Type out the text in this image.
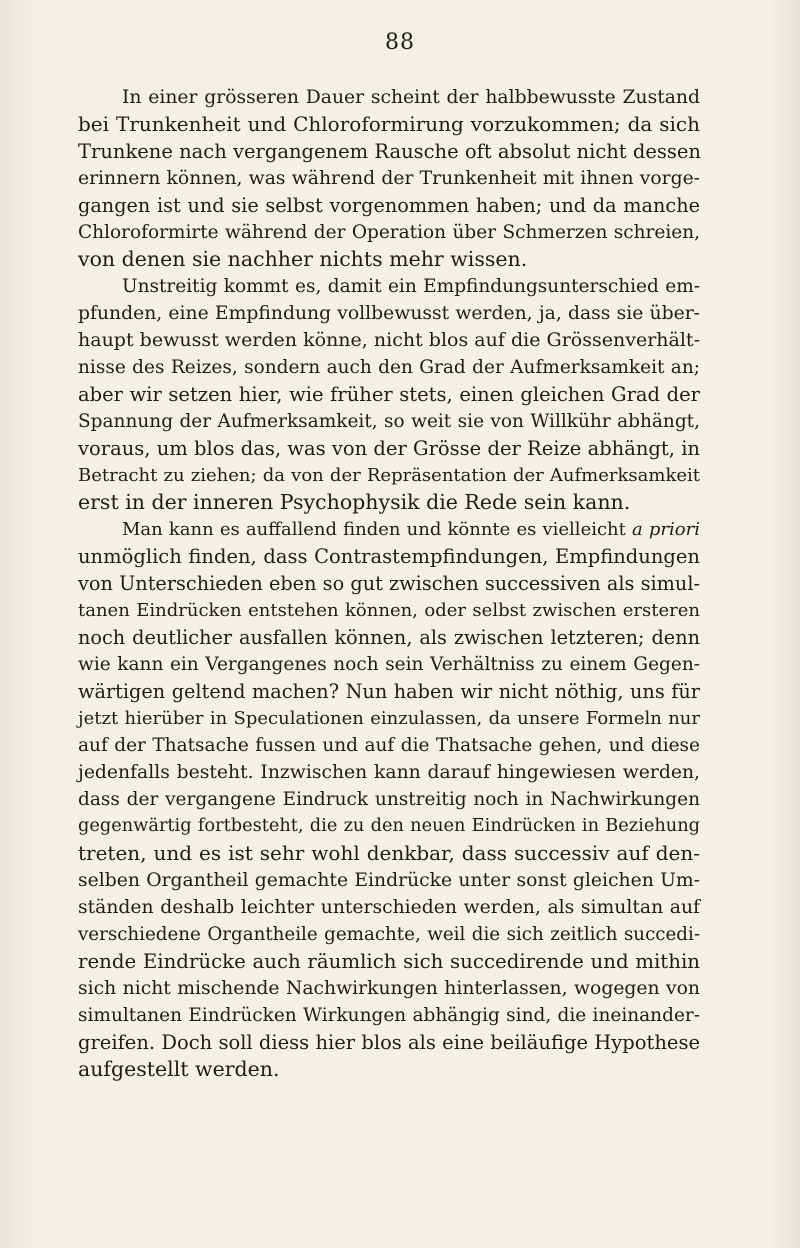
88
In einer grösseren Dauer scheint der halbbewusste Zustand
bei Trunkenheit und Chloroformirung vorzukommen; da sich
Trunkene nach vergangenem Rausche oft absolut nicht dessen
erinnern können, was während der Trunkenheit mit ihnen vorge-
gangen ist und sie selbst vorgenommen haben; und da manche
Chloroformirte während der Operation über Schmerzen schreien,
von denen sie nachher nichts mehr wissen.
Unstreitig kommt es, damit ein Empfindungsunterschied em-
pfunden, eine Empfindung vollbewusst werden, ja, dass sie über-
haupt bewusst werden könne, nicht blos auf die Grössenverhält-
nisse des Reizes, sondern auch den Grad der Aufmerksamkeit an;
aber wir setzen hier, wie früher stets, einen gleichen Grad der
Spannung der Aufmerksamkeit, so weit sie von Willkühr abhängt,
voraus, um blos das, was von der Grösse der Reize abhängt, in
Betracht zu ziehen; da von der Repräsentation der Aufmerksamkeit
erst in der inneren Psychophysik die Rede sein kann.
Man kann es auffallend finden und könnte es vielleicht a priori
unmöglich finden, dass Contrastempfindungen, Empfindungen
von Unterschieden eben so gut zwischen successiven als simul-
tanen Eindrücken entstehen können, oder selbst zwischen ersteren
noch deutlicher ausfallen können, als zwischen letzteren; denn
wie kann ein Vergangenes noch sein Verhältniss zu einem Gegen-
wärtigen geltend machen? Nun haben wir nicht nöthig, uns für
jetzt hierüber in Speculationen einzulassen, da unsere Formeln nur
auf der Thatsache fussen und auf die Thatsache gehen, und diese
jedenfalls besteht. Inzwischen kann darauf hingewiesen werden,
dass der vergangene Eindruck unstreitig noch in Nachwirkungen
gegenwärtig fortbesteht, die zu den neuen Eindrücken in Beziehung
treten, und es ist sehr wohl denkbar, dass successiv auf den-
selben Organtheil gemachte Eindrücke unter sonst gleichen Um-
ständen deshalb leichter unterschieden werden, als simultan auf
verschiedene Organtheile gemachte, weil die sich zeitlich succedi-
rende Eindrücke auch räumlich sich succedirende und mithin
sich nicht mischende Nachwirkungen hinterlassen, wogegen von
simultanen Eindrücken Wirkungen abhängig sind, die ineinander-
greifen. Doch soll diess hier blos als eine beiläufige Hypothese
aufgestellt werden.
